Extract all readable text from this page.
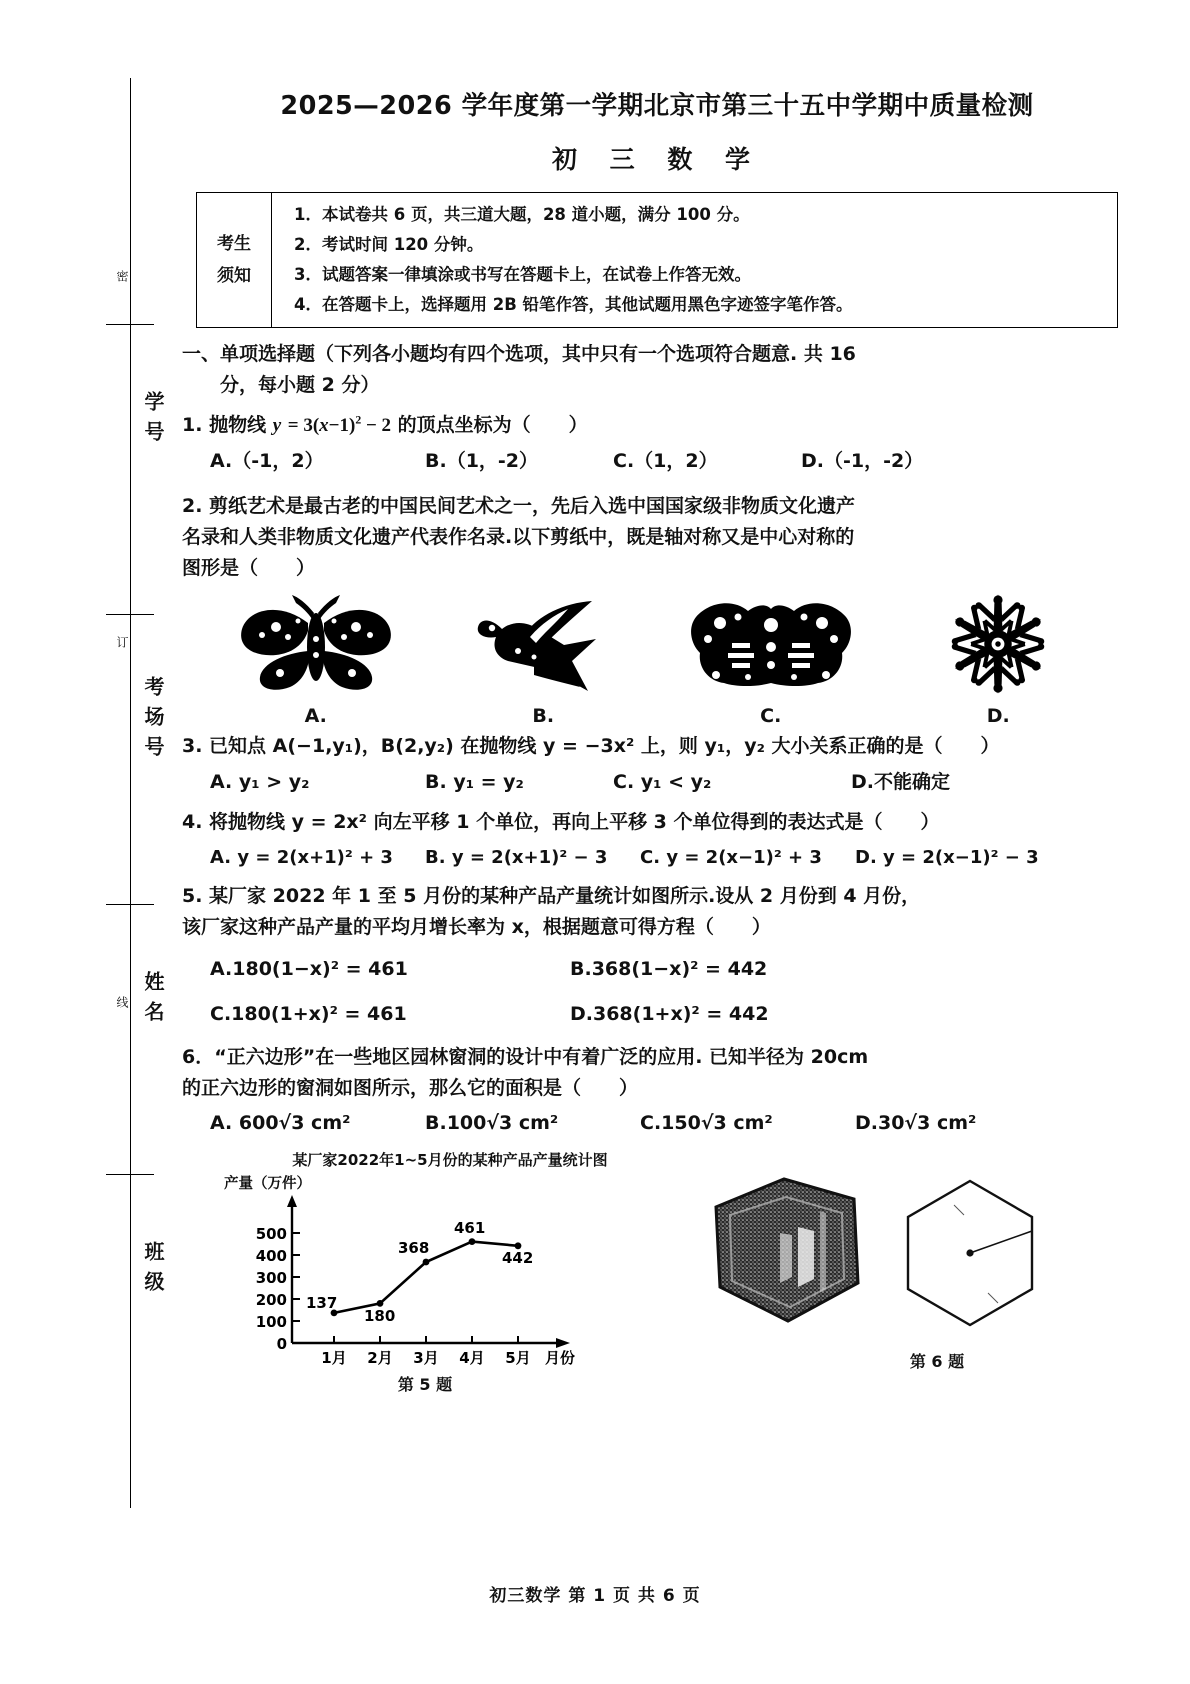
学号
考场号
姓名
班级
密
订
线
2025—2026 学年度第一学期北京市第三十五中学期中质量检测
初 三 数 学
考生
须知
1．本试卷共 6 页，共三道大题，28 道小题，满分 100 分。
2．考试时间 120 分钟。
3．试题答案一律填涂或书写在答题卡上，在试卷上作答无效。
4．在答题卡上，选择题用 2B 铅笔作答，其他试题用黑色字迹签字笔作答。
一、单项选择题（下列各小题均有四个选项，其中只有一个选项符合题意. 共 16
分，每小题 2 分）
1. 抛物线 $y = 3(x-1)^2 - 2$ 的顶点坐标为（　　）
A.（-1，2）	B.（1，-2）	C.（1，2）	D.（-1，-2）
2. 剪纸艺术是最古老的中国民间艺术之一，先后入选中国国家级非物质文化遗产
名录和人类非物质文化遗产代表作名录.以下剪纸中，既是轴对称又是中心对称的
图形是（　　）
A.	B.	C.	D.
3. 已知点 A(−1,y₁)，B(2,y₂) 在抛物线 y = −3x² 上，则 y₁，y₂ 大小关系正确的是（　　）
A. y₁ > y₂	B. y₁ = y₂	C. y₁ < y₂	D.不能确定
4. 将抛物线 y = 2x² 向左平移 1 个单位，再向上平移 3 个单位得到的表达式是（　　）
A. y = 2(x+1)² + 3	B. y = 2(x+1)² − 3	C. y = 2(x−1)² + 3	D. y = 2(x−1)² − 3
5. 某厂家 2022 年 1 至 5 月份的某种产品产量统计如图所示.设从 2 月份到 4 月份，
该厂家这种产品产量的平均月增长率为 x，根据题意可得方程（　　）
A.180(1−x)² = 461	B.368(1−x)² = 442
C.180(1+x)² = 461	D.368(1+x)² = 442
6．“正六边形”在一些地区园林窗洞的设计中有着广泛的应用. 已知半径为 20cm
的正六边形的窗洞如图所示，那么它的面积是（　　）
A. 600√3 cm²	B.100√3 cm²	C.150√3 cm²	D.30√3 cm²
某厂家2022年1~5月份的某种产品产量统计图
产量（万件）
0
100
200
300
400
500
137
180
368
461
442
1月 2月 3月 4月 5月 月份
第 5 题
第 6 题
初三数学 第 1 页 共 6 页
